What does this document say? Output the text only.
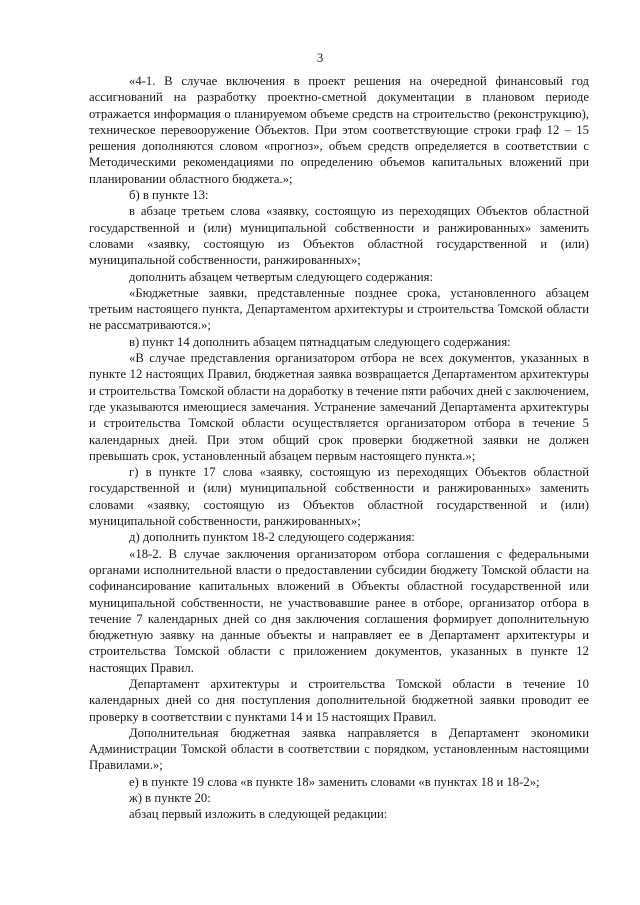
3

«4-1. В случае включения в проект решения на очередной финансовый год ассигнований на разработку проектно-сметной документации в плановом периоде отражается информация о планируемом объеме средств на строительство (реконструкцию), техническое перевооружение Объектов. При этом соответствующие строки граф 12 – 15 решения дополняются словом «прогноз», объем средств определяется в соответствии с Методическими рекомендациями по определению объемов капитальных вложений при планировании областного бюджета.»;

б) в пункте 13:

в абзаце третьем слова «заявку, состоящую из переходящих Объектов областной государственной и (или) муниципальной собственности и ранжированных» заменить словами «заявку, состоящую из Объектов областной государственной и (или) муниципальной собственности, ранжированных»;

дополнить абзацем четвертым следующего содержания:

«Бюджетные заявки, представленные позднее срока, установленного абзацем третьим настоящего пункта, Департаментом архитектуры и строительства Томской области не рассматриваются.»;

в) пункт 14 дополнить абзацем пятнадцатым следующего содержания:

«В случае представления организатором отбора не всех документов, указанных в пункте 12 настоящих Правил, бюджетная заявка возвращается Департаментом архитектуры и строительства Томской области на доработку в течение пяти рабочих дней с заключением, где указываются имеющиеся замечания. Устранение замечаний Департамента архитектуры и строительства Томской области осуществляется организатором отбора в течение 5 календарных дней. При этом общий срок проверки бюджетной заявки не должен превышать срок, установленный абзацем первым настоящего пункта.»;

г) в пункте 17 слова «заявку, состоящую из переходящих Объектов областной государственной и (или) муниципальной собственности и ранжированных» заменить словами «заявку, состоящую из Объектов областной государственной и (или) муниципальной собственности, ранжированных»;

д) дополнить пунктом 18-2 следующего содержания:

«18-2. В случае заключения организатором отбора соглашения с федеральными органами исполнительной власти о предоставлении субсидии бюджету Томской области на софинансирование капитальных вложений в Объекты областной государственной или муниципальной собственности, не участвовавшие ранее в отборе, организатор отбора в течение 7 календарных дней со дня заключения соглашения формирует дополнительную бюджетную заявку на данные объекты и направляет ее в Департамент архитектуры и строительства Томской области с приложением документов, указанных в пункте 12 настоящих Правил.

Департамент архитектуры и строительства Томской области в течение 10 календарных дней со дня поступления дополнительной бюджетной заявки проводит ее проверку в соответствии с пунктами 14 и 15 настоящих Правил.

Дополнительная бюджетная заявка направляется в Департамент экономики Администрации Томской области в соответствии с порядком, установленным настоящими Правилами.»;

е) в пункте 19 слова «в пункте 18» заменить словами «в пунктах 18 и 18-2»;

ж) в пункте 20:

абзац первый изложить в следующей редакции:
